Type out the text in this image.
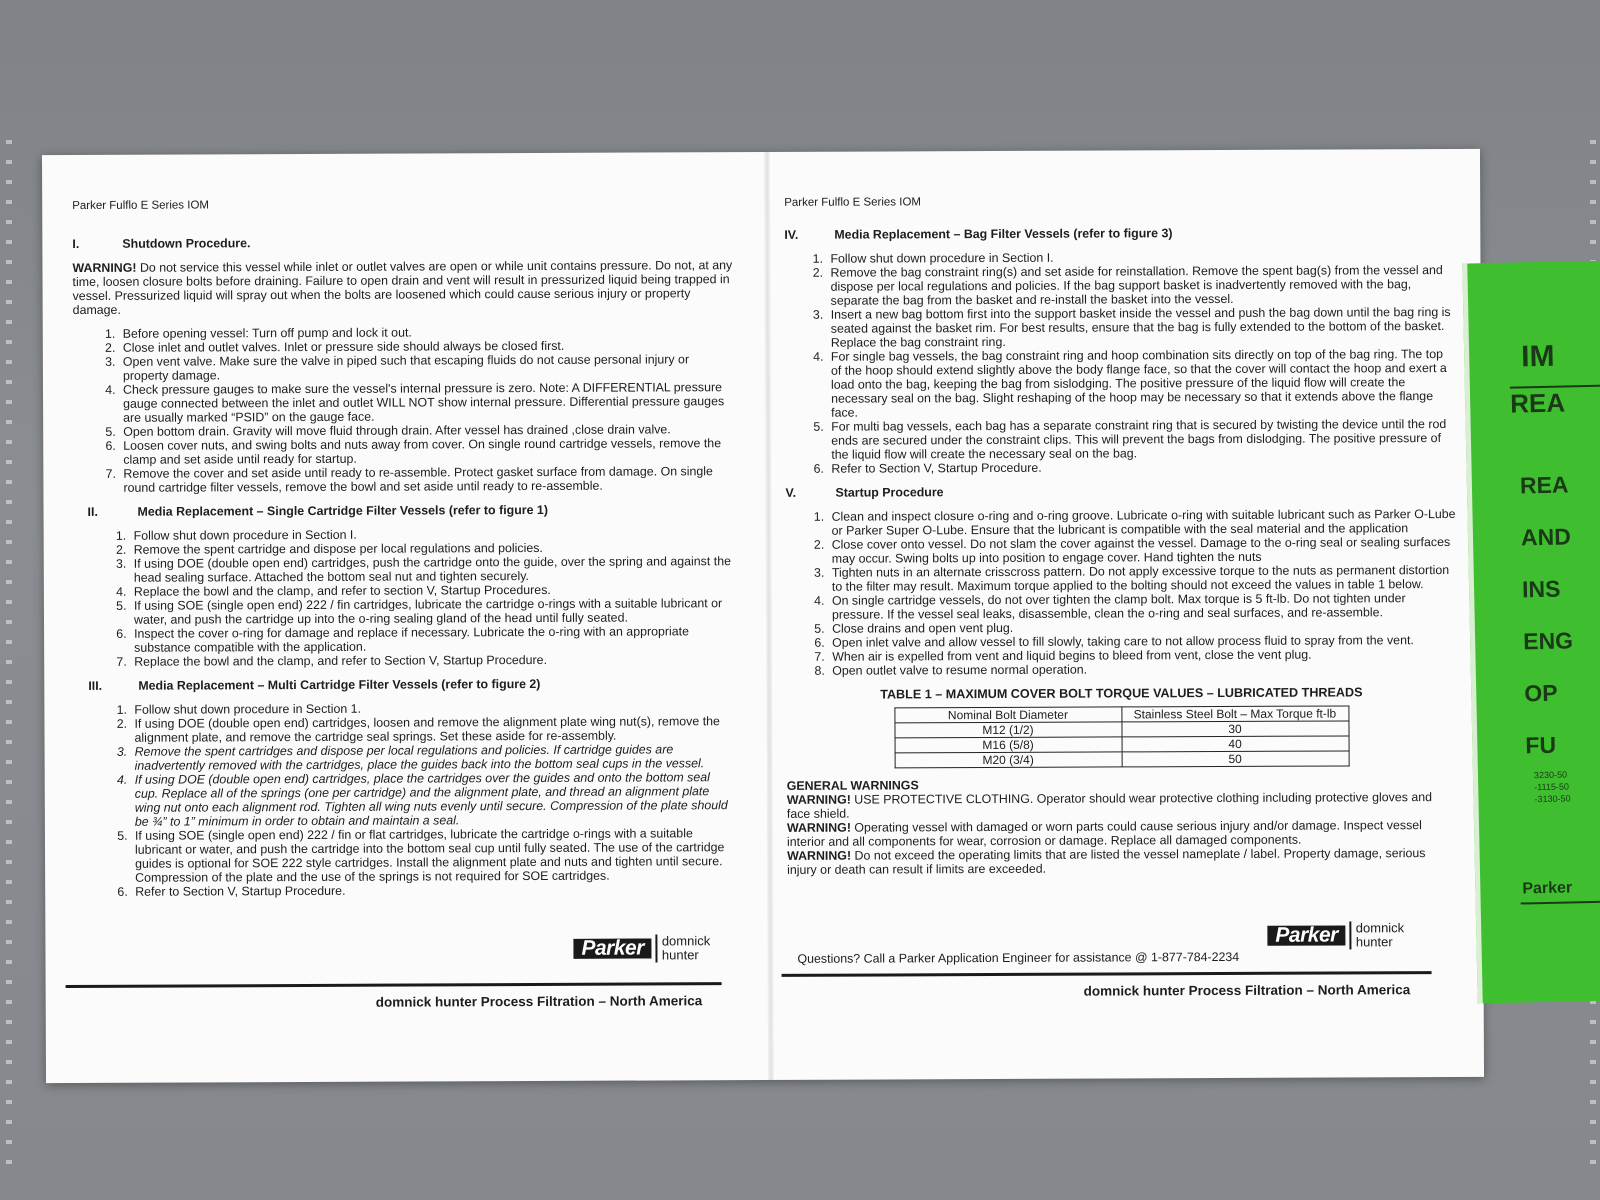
Parker Fulflo E Series IOM
I.	Shutdown Procedure.

WARNING! Do not service this vessel while inlet or outlet valves are open or while unit contains pressure. Do not, at any time, loosen closure bolts before draining. Failure to open drain and vent will result in pressurized liquid being trapped in vessel. Pressurized liquid will spray out when the bolts are loosened which could cause serious injury or property damage.

1. Before opening vessel: Turn off pump and lock it out.
2. Close inlet and outlet valves. Inlet or pressure side should always be closed first.
3. Open vent valve. Make sure the valve in piped such that escaping fluids do not cause personal injury or property damage.
4. Check pressure gauges to make sure the vessel's internal pressure is zero. Note: A DIFFERENTIAL pressure gauge connected between the inlet and outlet WILL NOT show internal pressure. Differential pressure gauges are usually marked “PSID” on the gauge face.
5. Open bottom drain. Gravity will move fluid through drain. After vessel has drained ,close drain valve.
6. Loosen cover nuts, and swing bolts and nuts away from cover. On single round cartridge vessels, remove the clamp and set aside until ready for startup.
7. Remove the cover and set aside until ready to re-assemble. Protect gasket surface from damage. On single round cartridge filter vessels, remove the bowl and set aside until ready to re-assemble.
II.	Media Replacement – Single Cartridge Filter Vessels (refer to figure 1)
1. Follow shut down procedure in Section I.
2. Remove the spent cartridge and dispose per local regulations and policies.
3. If using DOE (double open end) cartridges, push the cartridge onto the guide, over the spring and against the head sealing surface. Attached the bottom seal nut and tighten securely.
4. Replace the bowl and the clamp, and refer to section V, Startup Procedures.
5. If using SOE (single open end) 222 / fin cartridges, lubricate the cartridge o-rings with a suitable lubricant or water, and push the cartridge up into the o-ring sealing gland of the head until fully seated.
6. Inspect the cover o-ring for damage and replace if necessary. Lubricate the o-ring with an appropriate substance compatible with the application.
7. Replace the bowl and the clamp, and refer to Section V, Startup Procedure.
III.	Media Replacement – Multi Cartridge Filter Vessels (refer to figure 2)
1. Follow shut down procedure in Section 1.
2. If using DOE (double open end) cartridges, loosen and remove the alignment plate wing nut(s), remove the alignment plate, and remove the cartridge seal springs. Set these aside for re-assembly.
3. Remove the spent cartridges and dispose per local regulations and policies. If cartridge guides are inadvertently removed with the cartridges, place the guides back into the bottom seal cups in the vessel.
4. If using DOE (double open end) cartridges, place the cartridges over the guides and onto the bottom seal cup. Replace all of the springs (one per cartridge) and the alignment plate, and thread an alignment plate wing nut onto each alignment rod. Tighten all wing nuts evenly until secure. Compression of the plate should be ¾” to 1” minimum in order to obtain and maintain a seal.
5. If using SOE (single open end) 222 / fin or flat cartridges, lubricate the cartridge o-rings with a suitable lubricant or water, and push the cartridge into the bottom seal cup until fully seated. The use of the cartridge guides is optional for SOE 222 style cartridges. Install the alignment plate and nuts and tighten until secure. Compression of the plate and the use of the springs is not required for SOE cartridges.
6. Refer to Section V, Startup Procedure.
Parker	domnick
hunter
domnick hunter Process Filtration – North America
Parker Fulflo E Series IOM
IV.	Media Replacement – Bag Filter Vessels (refer to figure 3)
1. Follow shut down procedure in Section I.
2. Remove the bag constraint ring(s) and set aside for reinstallation. Remove the spent bag(s) from the vessel and dispose per local regulations and policies. If the bag support basket is inadvertently removed with the bag, separate the bag from the basket and re-install the basket into the vessel.
3. Insert a new bag bottom first into the support basket inside the vessel and push the bag down until the bag ring is seated against the basket rim. For best results, ensure that the bag is fully extended to the bottom of the basket. Replace the bag constraint ring.
4. For single bag vessels, the bag constraint ring and hoop combination sits directly on top of the bag ring. The top of the hoop should extend slightly above the body flange face, so that the cover will contact the hoop and exert a load onto the bag, keeping the bag from sislodging. The positive pressure of the liquid flow will create the necessary seal on the bag. Slight reshaping of the hoop may be necessary so that it extends above the flange face.
5. For multi bag vessels, each bag has a separate constraint ring that is secured by twisting the device until the rod ends are secured under the constraint clips. This will prevent the bags from dislodging. The positive pressure of the liquid flow will create the necessary seal on the bag.
6. Refer to Section V, Startup Procedure.
V.	Startup Procedure
1. Clean and inspect closure o-ring and o-ring groove. Lubricate o-ring with suitable lubricant such as Parker O-Lube or Parker Super O-Lube. Ensure that the lubricant is compatible with the seal material and the application
2. Close cover onto vessel. Do not slam the cover against the vessel. Damage to the o-ring seal or sealing surfaces may occur. Swing bolts up into position to engage cover. Hand tighten the nuts
3. Tighten nuts in an alternate crisscross pattern. Do not apply excessive torque to the nuts as permanent distortion to the filter may result. Maximum torque applied to the bolting should not exceed the values in table 1 below.
4. On single cartridge vessels, do not over tighten the clamp bolt. Max torque is 5 ft-lb. Do not tighten under pressure. If the vessel seal leaks, disassemble, clean the o-ring and seal surfaces, and re-assemble.
5. Close drains and open vent plug.
6. Open inlet valve and allow vessel to fill slowly, taking care to not allow process fluid to spray from the vent.
7. When air is expelled from vent and liquid begins to bleed from vent, close the vent plug.
8. Open outlet valve to resume normal operation.
TABLE 1 – MAXIMUM COVER BOLT TORQUE VALUES – LUBRICATED THREADS
Nominal Bolt Diameter	Stainless Steel Bolt – Max Torque ft-lb
M12 (1/2)	30
M16 (5/8)	40
M20 (3/4)	50
GENERAL WARNINGS

WARNING! USE PROTECTIVE CLOTHING. Operator should wear protective clothing including protective gloves and face shield.

WARNING! Operating vessel with damaged or worn parts could cause serious injury and/or damage. Inspect vessel interior and all components for wear, corrosion or damage. Replace all damaged components.

WARNING! Do not exceed the operating limits that are listed the vessel nameplate / label. Property damage, serious injury or death can result if limits are exceeded.

Questions? Call a Parker Application Engineer for assistance @ 1-877-784-2234
Parker	domnick
hunter
domnick hunter Process Filtration – North America
IM
REA
REA
AND
INS
ENG
OP
FU
3230-50
-1115-50
-3130-50
Parker
